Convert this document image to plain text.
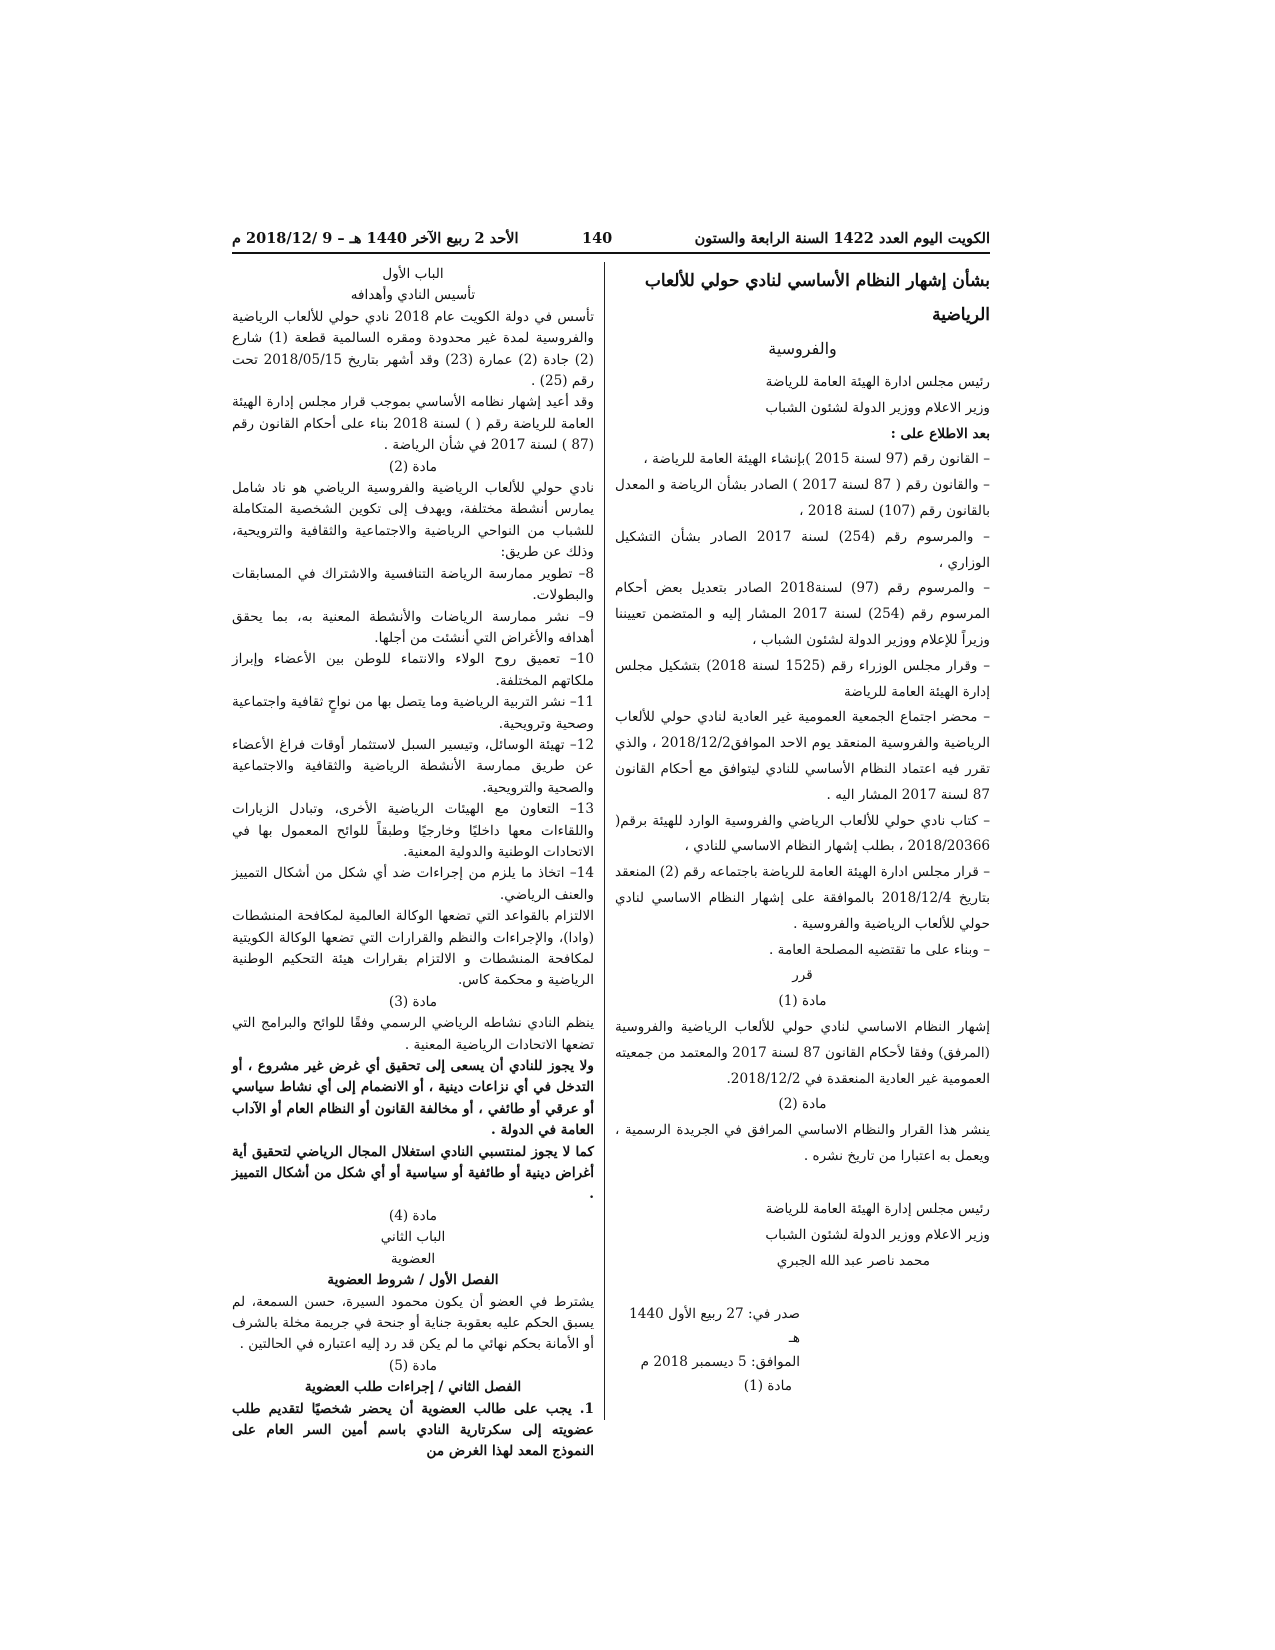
الكويت اليوم العدد 1422 السنة الرابعة والستون
140
الأحد 2 ربيع الآخر 1440 هـ – 9 /2018/12 م

بشأن إشهار النظام الأساسي لنادي حولي للألعاب الرياضية

والفروسية

رئيس مجلس ادارة الهيئة العامة للرياضة

وزير الاعلام ووزير الدولة لشئون الشباب

بعد الاطلاع على :

– القانون رقم (97 لسنة 2015 )بإنشاء الهيئة العامة للرياضة ،

– والقانون رقم ( 87 لسنة 2017 ) الصادر بشأن الرياضة و المعدل بالقانون رقم (107) لسنة 2018 ،

– والمرسوم رقم (254) لسنة 2017 الصادر بشأن التشكيل الوزاري ،

– والمرسوم رقم (97) لسنة2018 الصادر بتعديل بعض أحكام المرسوم رقم (254) لسنة 2017 المشار إليه و المتضمن تعييننا وزيراً للإعلام ووزير الدولة لشئون الشباب ،

– وقرار مجلس الوزراء رقم (1525 لسنة 2018) بتشكيل مجلس إدارة الهيئة العامة للرياضة

– محضر اجتماع الجمعية العمومية غير العادية لنادي حولي للألعاب الرياضية والفروسية المنعقد يوم الاحد الموافق2018/12/2 ، والذي تقرر فيه اعتماد النظام الأساسي للنادي ليتوافق مع أحكام القانون 87 لسنة 2017 المشار اليه .

– كتاب نادي حولي للألعاب الرياضي والفروسية الوارد للهيئة برقم( 2018/20366 ، بطلب إشهار النظام الاساسي للنادي ،

– قرار مجلس ادارة الهيئة العامة للرياضة باجتماعه رقم (2) المنعقد بتاريخ 2018/12/4 بالموافقة على إشهار النظام الاساسي لنادي حولي للألعاب الرياضية والفروسية .

– وبناء على ما تقتضيه المصلحة العامة .

قرر

مادة (1)

إشهار النظام الاساسي لنادي حولي للألعاب الرياضية والفروسية (المرفق) وفقا لأحكام القانون 87 لسنة 2017 والمعتمد من جمعيته العمومية غير العادية المنعقدة في 2018/12/2.

مادة (2)

ينشر هذا القرار والنظام الاساسي المرافق في الجريدة الرسمية ، ويعمل به اعتبارا من تاريخ نشره .

رئيس مجلس إدارة الهيئة العامة للرياضة

وزير الاعلام ووزير الدولة لشئون الشباب

محمد ناصر عبد الله الجبري

صدر في: 27 ربيع الأول 1440 هـ

الموافق: 5 ديسمبر 2018 م

مادة (1)

الباب الأول

تأسيس النادي وأهدافه

تأسس في دولة الكويت عام 2018 نادي حولي للألعاب الرياضية والفروسية لمدة غير محدودة ومقره السالمية قطعة (1) شارع (2) جادة (2) عمارة (23) وقد أشهر بتاريخ 2018/05/15 تحت رقم (25) .

وقد أعيد إشهار نظامه الأساسي بموجب قرار مجلس إدارة الهيئة العامة للرياضة رقم ( ) لسنة 2018 بناء على أحكام القانون رقم (87 ) لسنة 2017 في شأن الرياضة .

مادة (2)

نادي حولي للألعاب الرياضية والفروسية الرياضي هو ناد شامل يمارس أنشطة مختلفة، ويهدف إلى تكوين الشخصية المتكاملة للشباب من النواحي الرياضية والاجتماعية والثقافية والترويحية، وذلك عن طريق:

8– تطوير ممارسة الرياضة التنافسية والاشتراك في المسابقات والبطولات.

9– نشر ممارسة الرياضات والأنشطة المعنية به، بما يحقق أهدافه والأغراض التي أنشئت من أجلها.

10– تعميق روح الولاء والانتماء للوطن بين الأعضاء وإبراز ملكاتهم المختلفة.

11– نشر التربية الرياضية وما يتصل بها من نواحٍ ثقافية واجتماعية وصحية وترويحية.

12– تهيئة الوسائل، وتيسير السبل لاستثمار أوقات فراغ الأعضاء عن طريق ممارسة الأنشطة الرياضية والثقافية والاجتماعية والصحية والترويحية.

13– التعاون مع الهيئات الرياضية الأخرى، وتبادل الزيارات واللقاءات معها داخليًا وخارجيًا وطبقاً للوائح المعمول بها في الاتحادات الوطنية والدولية المعنية.

14– اتخاذ ما يلزم من إجراءات ضد أي شكل من أشكال التمييز والعنف الرياضي.

الالتزام بالقواعد التي تضعها الوكالة العالمية لمكافحة المنشطات (وادا)، والإجراءات والنظم والقرارات التي تضعها الوكالة الكويتية لمكافحة المنشطات و الالتزام بقرارات هيئة التحكيم الوطنية الرياضية و محكمة كاس.

مادة (3)

ينظم النادي نشاطه الرياضي الرسمي وفقًا للوائح والبرامج التي تضعها الاتحادات الرياضية المعنية .

ولا يجوز للنادي أن يسعى إلى تحقيق أي غرض غير مشروع ، أو التدخل في أي نزاعات دينية ، أو الانضمام إلى أي نشاط سياسي أو عرقي أو طائفي ، أو مخالفة القانون أو النظام العام أو الآداب العامة في الدولة .

كما لا يجوز لمنتسبي النادي استغلال المجال الرياضي لتحقيق أية أغراض دينية أو طائفية أو سياسية أو أي شكل من أشكال التمييز .

مادة (4)

الباب الثاني

العضوية

الفصل الأول / شروط العضوية

يشترط في العضو أن يكون محمود السيرة، حسن السمعة، لم يسبق الحكم عليه بعقوبة جناية أو جنحة في جريمة مخلة بالشرف أو الأمانة بحكم نهائي ما لم يكن قد رد إليه اعتباره في الحالتين .

مادة (5)

الفصل الثاني / إجراءات طلب العضوية

1. يجب على طالب العضوية أن يحضر شخصيًا لتقديم طلب عضويته إلى سكرتارية النادي باسم أمين السر العام على النموذج المعد لهذا الغرض من
